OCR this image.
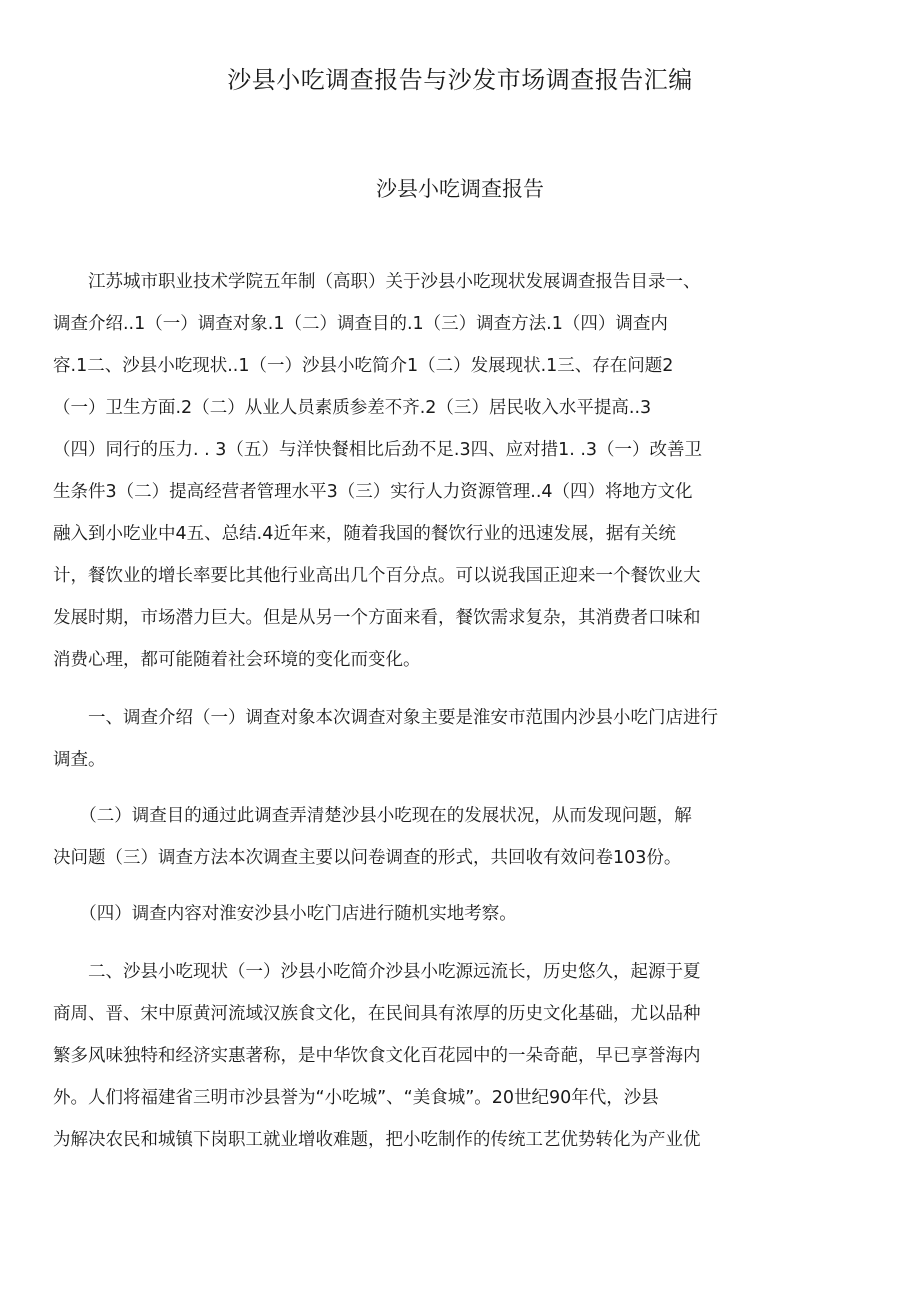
沙县小吃调查报告与沙发市场调查报告汇编
沙县小吃调查报告
　　江苏城市职业技术学院五年制（高职）关于沙县小吃现状发展调查报告目录一、
调查介绍..1（一）调查对象.1（二）调查目的.1（三）调查方法.1（四）调查内
容.1二、沙县小吃现状..1（一）沙县小吃简介1（二）发展现状.1三、存在问题2
（一）卫生方面.2（二）从业人员素质参差不齐.2（三）居民收入水平提高..3
（四）同行的压力. . 3（五）与洋快餐相比后劲不足.3四、应对措1. .3（一）改善卫
生条件3（二）提高经营者管理水平3（三）实行人力资源管理..4（四）将地方文化
融入到小吃业中4五、总结.4近年来，随着我国的餐饮行业的迅速发展，据有关统
计，餐饮业的增长率要比其他行业高出几个百分点。可以说我国正迎来一个餐饮业大
发展时期，市场潜力巨大。但是从另一个方面来看，餐饮需求复杂，其消费者口味和
消费心理，都可能随着社会环境的变化而变化。
　　一、调查介绍（一）调查对象本次调查对象主要是淮安市范围内沙县小吃门店进行
调查。
　　（二）调查目的通过此调查弄清楚沙县小吃现在的发展状况，从而发现问题，解
决问题（三）调查方法本次调查主要以问卷调查的形式，共回收有效问卷103份。
　　（四）调查内容对淮安沙县小吃门店进行随机实地考察。
　　二、沙县小吃现状（一）沙县小吃简介沙县小吃源远流长，历史悠久，起源于夏
商周、晋、宋中原黄河流域汉族食文化，在民间具有浓厚的历史文化基础，尤以品种
繁多风味独特和经济实惠著称，是中华饮食文化百花园中的一朵奇葩，早已享誉海内
外。人们将福建省三明市沙县誉为“小吃城”、“美食城”。20世纪90年代，沙县
为解决农民和城镇下岗职工就业增收难题，把小吃制作的传统工艺优势转化为产业优
